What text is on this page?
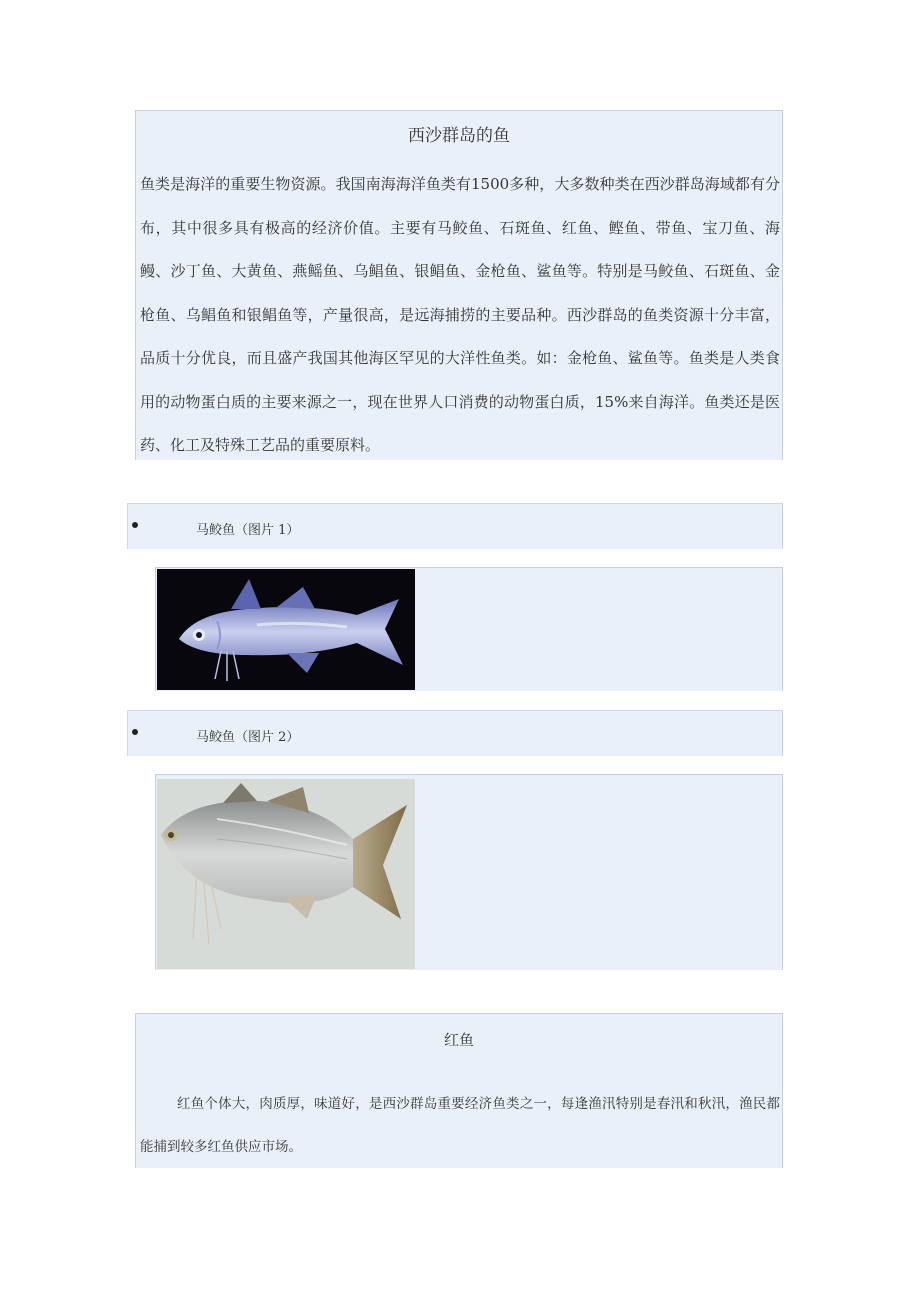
西沙群岛的鱼

鱼类是海洋的重要生物资源。我国南海海洋鱼类有1500多种，大多数种类在西沙群岛海域都有分布，其中很多具有极高的经济价值。主要有马鲛鱼、石斑鱼、红鱼、鲣鱼、带鱼、宝刀鱼、海鳗、沙丁鱼、大黄鱼、燕鳐鱼、乌鲳鱼、银鲳鱼、金枪鱼、鲨鱼等。特别是马鲛鱼、石斑鱼、金枪鱼、乌鲳鱼和银鲳鱼等，产量很高，是远海捕捞的主要品种。西沙群岛的鱼类资源十分丰富，品质十分优良，而且盛产我国其他海区罕见的大洋性鱼类。如：金枪鱼、鲨鱼等。鱼类是人类食用的动物蛋白质的主要来源之一，现在世界人口消费的动物蛋白质，15%来自海洋。鱼类还是医药、化工及特殊工艺品的重要原料。

马鲛鱼（图片 1）
马鲛鱼（图片 2）
红鱼

红鱼个体大，肉质厚，味道好，是西沙群岛重要经济鱼类之一，每逢渔汛特别是春汛和秋汛，渔民都能捕到较多红鱼供应市场。
